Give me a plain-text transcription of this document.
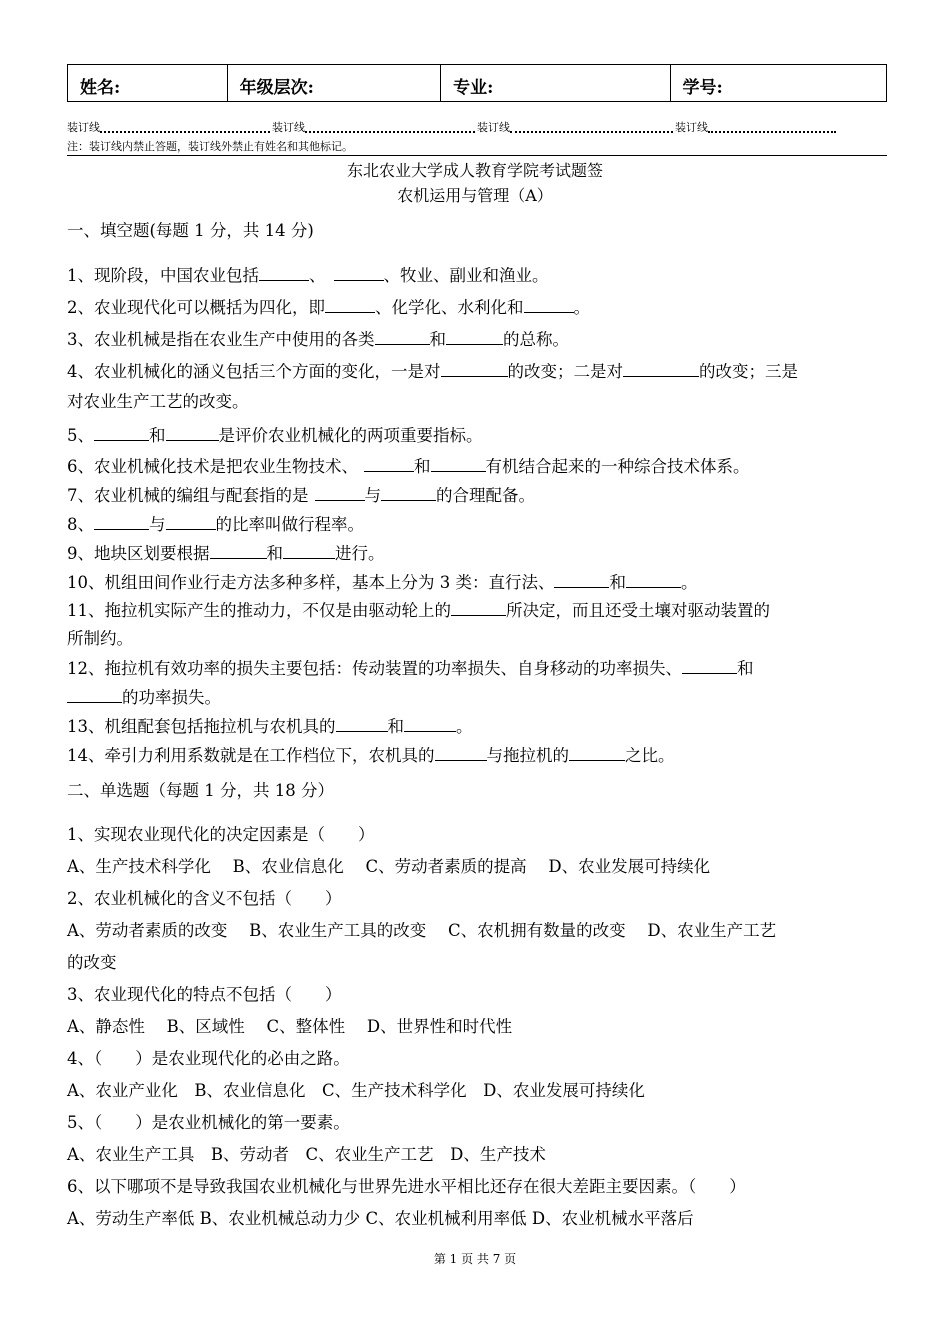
姓名:	年级层次:	专业:	学号:
装订线	装订线	装订线	装订线
注：装订线内禁止答题，装订线外禁止有姓名和其他标记。
东北农业大学成人教育学院考试题签
农机运用与管理（A）
一、填空题(每题 1 分，共 14 分)
1、现阶段，中国农业包括	、	、牧业、副业和渔业。
2、农业现代化可以概括为四化，即	、化学化、水利化和	。
3、农业机械是指在农业生产中使用的各类	和	的总称。
4、农业机械化的涵义包括三个方面的变化，一是对	的改变；二是对	的改变；三是
对农业生产工艺的改变。
5、	和	是评价农业机械化的两项重要指标。
6、农业机械化技术是把农业生物技术、	和	有机结合起来的一种综合技术体系。
7、农业机械的编组与配套指的是	与	的合理配备。
8、	与	的比率叫做行程率。
9、地块区划要根据	和	进行。
10、机组田间作业行走方法多种多样，基本上分为 3 类：直行法、	和	。
11、拖拉机实际产生的推动力，不仅是由驱动轮上的	所决定，而且还受土壤对驱动装置的
所制约。
12、拖拉机有效功率的损失主要包括：传动装置的功率损失、自身移动的功率损失、	和
的功率损失。
13、机组配套包括拖拉机与农机具的	和	。
14、牵引力利用系数就是在工作档位下，农机具的	与拖拉机的	之比。
二、单选题（每题 1 分，共 18 分）
1、实现农业现代化的决定因素是（　　）
A、生产技术科学化　 B、农业信息化　 C、劳动者素质的提高　 D、农业发展可持续化
2、农业机械化的含义不包括（　　）
A、劳动者素质的改变　 B、农业生产工具的改变　 C、农机拥有数量的改变　 D、农业生产工艺
的改变
3、农业现代化的特点不包括（　　）
A、静态性　 B、区域性　 C、整体性　 D、世界性和时代性
4、（　　）是农业现代化的必由之路。
A、农业产业化　B、农业信息化　C、生产技术科学化　D、农业发展可持续化
5、（　　）是农业机械化的第一要素。
A、农业生产工具　B、劳动者　C、农业生产工艺　D、生产技术
6、以下哪项不是导致我国农业机械化与世界先进水平相比还存在很大差距主要因素。（　　）
A、劳动生产率低 B、农业机械总动力少 C、农业机械利用率低 D、农业机械水平落后
第 1 页 共 7 页
